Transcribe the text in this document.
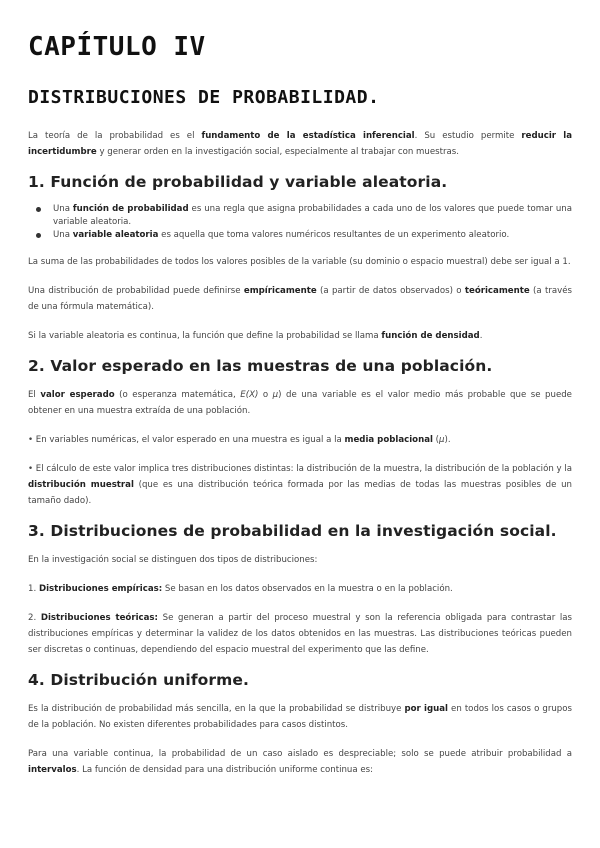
CAPÍTULO IV
DISTRIBUCIONES DE PROBABILIDAD.

La teoría de la probabilidad es el fundamento de la estadística inferencial. Su estudio permite reducir la incertidumbre y generar orden en la investigación social, especialmente al trabajar con muestras.

1. Función de probabilidad y variable aleatoria.
Una función de probabilidad es una regla que asigna probabilidades a cada uno de los valores que puede tomar una variable aleatoria.
Una variable aleatoria es aquella que toma valores numéricos resultantes de un experimento aleatorio.

La suma de las probabilidades de todos los valores posibles de la variable (su dominio o espacio muestral) debe ser igual a 1.

Una distribución de probabilidad puede definirse empíricamente (a partir de datos observados) o teóricamente (a través de una fórmula matemática).

Si la variable aleatoria es continua, la función que define la probabilidad se llama función de densidad.

2. Valor esperado en las muestras de una población.

El valor esperado (o esperanza matemática, E(X) o μ) de una variable es el valor medio más probable que se puede obtener en una muestra extraída de una población.

• En variables numéricas, el valor esperado en una muestra es igual a la media poblacional (μ).

• El cálculo de este valor implica tres distribuciones distintas: la distribución de la muestra, la distribución de la población y la distribución muestral (que es una distribución teórica formada por las medias de todas las muestras posibles de un tamaño dado).

3. Distribuciones de probabilidad en la investigación social.

En la investigación social se distinguen dos tipos de distribuciones:

1. Distribuciones empíricas: Se basan en los datos observados en la muestra o en la población.

2. Distribuciones teóricas: Se generan a partir del proceso muestral y son la referencia obligada para contrastar las distribuciones empíricas y determinar la validez de los datos obtenidos en las muestras. Las distribuciones teóricas pueden ser discretas o continuas, dependiendo del espacio muestral del experimento que las define.

4. Distribución uniforme.

Es la distribución de probabilidad más sencilla, en la que la probabilidad se distribuye por igual en todos los casos o grupos de la población. No existen diferentes probabilidades para casos distintos.

Para una variable continua, la probabilidad de un caso aislado es despreciable; solo se puede atribuir probabilidad a intervalos. La función de densidad para una distribución uniforme continua es:
